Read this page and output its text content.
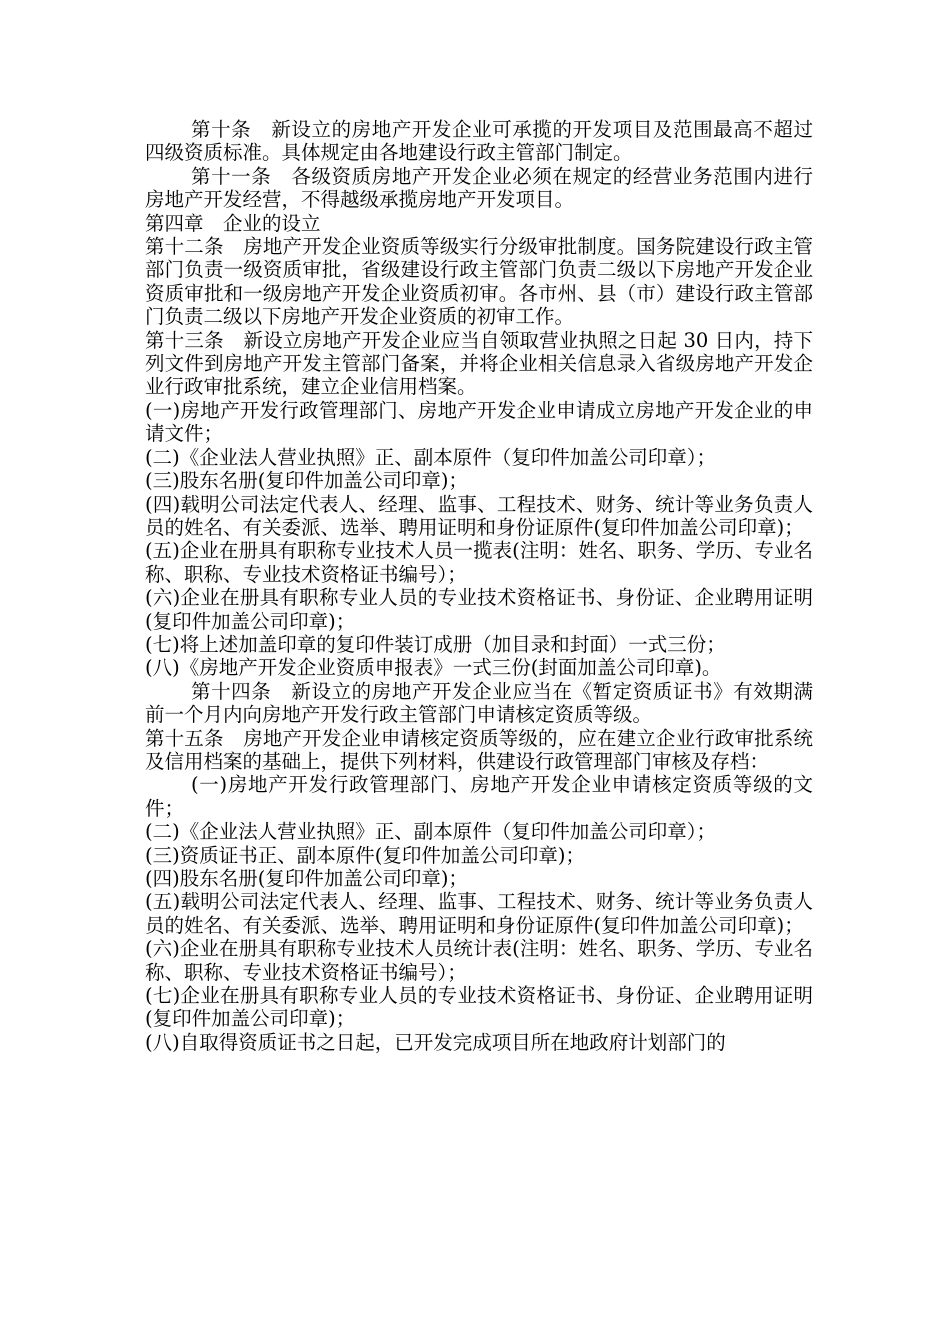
第十条　新设立的房地产开发企业可承揽的开发项目及范围最高不超过四级资质标准。具体规定由各地建设行政主管部门制定。

第十一条　各级资质房地产开发企业必须在规定的经营业务范围内进行房地产开发经营，不得越级承揽房地产开发项目。

第四章　企业的设立

第十二条　房地产开发企业资质等级实行分级审批制度。国务院建设行政主管部门负责一级资质审批，省级建设行政主管部门负责二级以下房地产开发企业资质审批和一级房地产开发企业资质初审。各市州、县（市）建设行政主管部门负责二级以下房地产开发企业资质的初审工作。

第十三条　新设立房地产开发企业应当自领取营业执照之日起 30 日内，持下列文件到房地产开发主管部门备案，并将企业相关信息录入省级房地产开发企业行政审批系统，建立企业信用档案。

(一)房地产开发行政管理部门、房地产开发企业申请成立房地产开发企业的申请文件；

(二)《企业法人营业执照》正、副本原件（复印件加盖公司印章）；

(三)股东名册(复印件加盖公司印章)；

(四)载明公司法定代表人、经理、监事、工程技术、财务、统计等业务负责人员的姓名、有关委派、选举、聘用证明和身份证原件(复印件加盖公司印章)；

(五)企业在册具有职称专业技术人员一揽表(注明：姓名、职务、学历、专业名称、职称、专业技术资格证书编号）；

(六)企业在册具有职称专业人员的专业技术资格证书、身份证、企业聘用证明(复印件加盖公司印章)；

(七)将上述加盖印章的复印件装订成册（加目录和封面）一式三份；

(八)《房地产开发企业资质申报表》一式三份(封面加盖公司印章)。

第十四条　新设立的房地产开发企业应当在《暂定资质证书》有效期满前一个月内向房地产开发行政主管部门申请核定资质等级。

第十五条　房地产开发企业申请核定资质等级的，应在建立企业行政审批系统及信用档案的基础上，提供下列材料，供建设行政管理部门审核及存档：

(一)房地产开发行政管理部门、房地产开发企业申请核定资质等级的文件；

(二)《企业法人营业执照》正、副本原件（复印件加盖公司印章）；

(三)资质证书正、副本原件(复印件加盖公司印章)；

(四)股东名册(复印件加盖公司印章)；

(五)载明公司法定代表人、经理、监事、工程技术、财务、统计等业务负责人员的姓名、有关委派、选举、聘用证明和身份证原件(复印件加盖公司印章)；

(六)企业在册具有职称专业技术人员统计表(注明：姓名、职务、学历、专业名称、职称、专业技术资格证书编号）；

(七)企业在册具有职称专业人员的专业技术资格证书、身份证、企业聘用证明(复印件加盖公司印章)；

(八)自取得资质证书之日起，已开发完成项目所在地政府计划部门的
